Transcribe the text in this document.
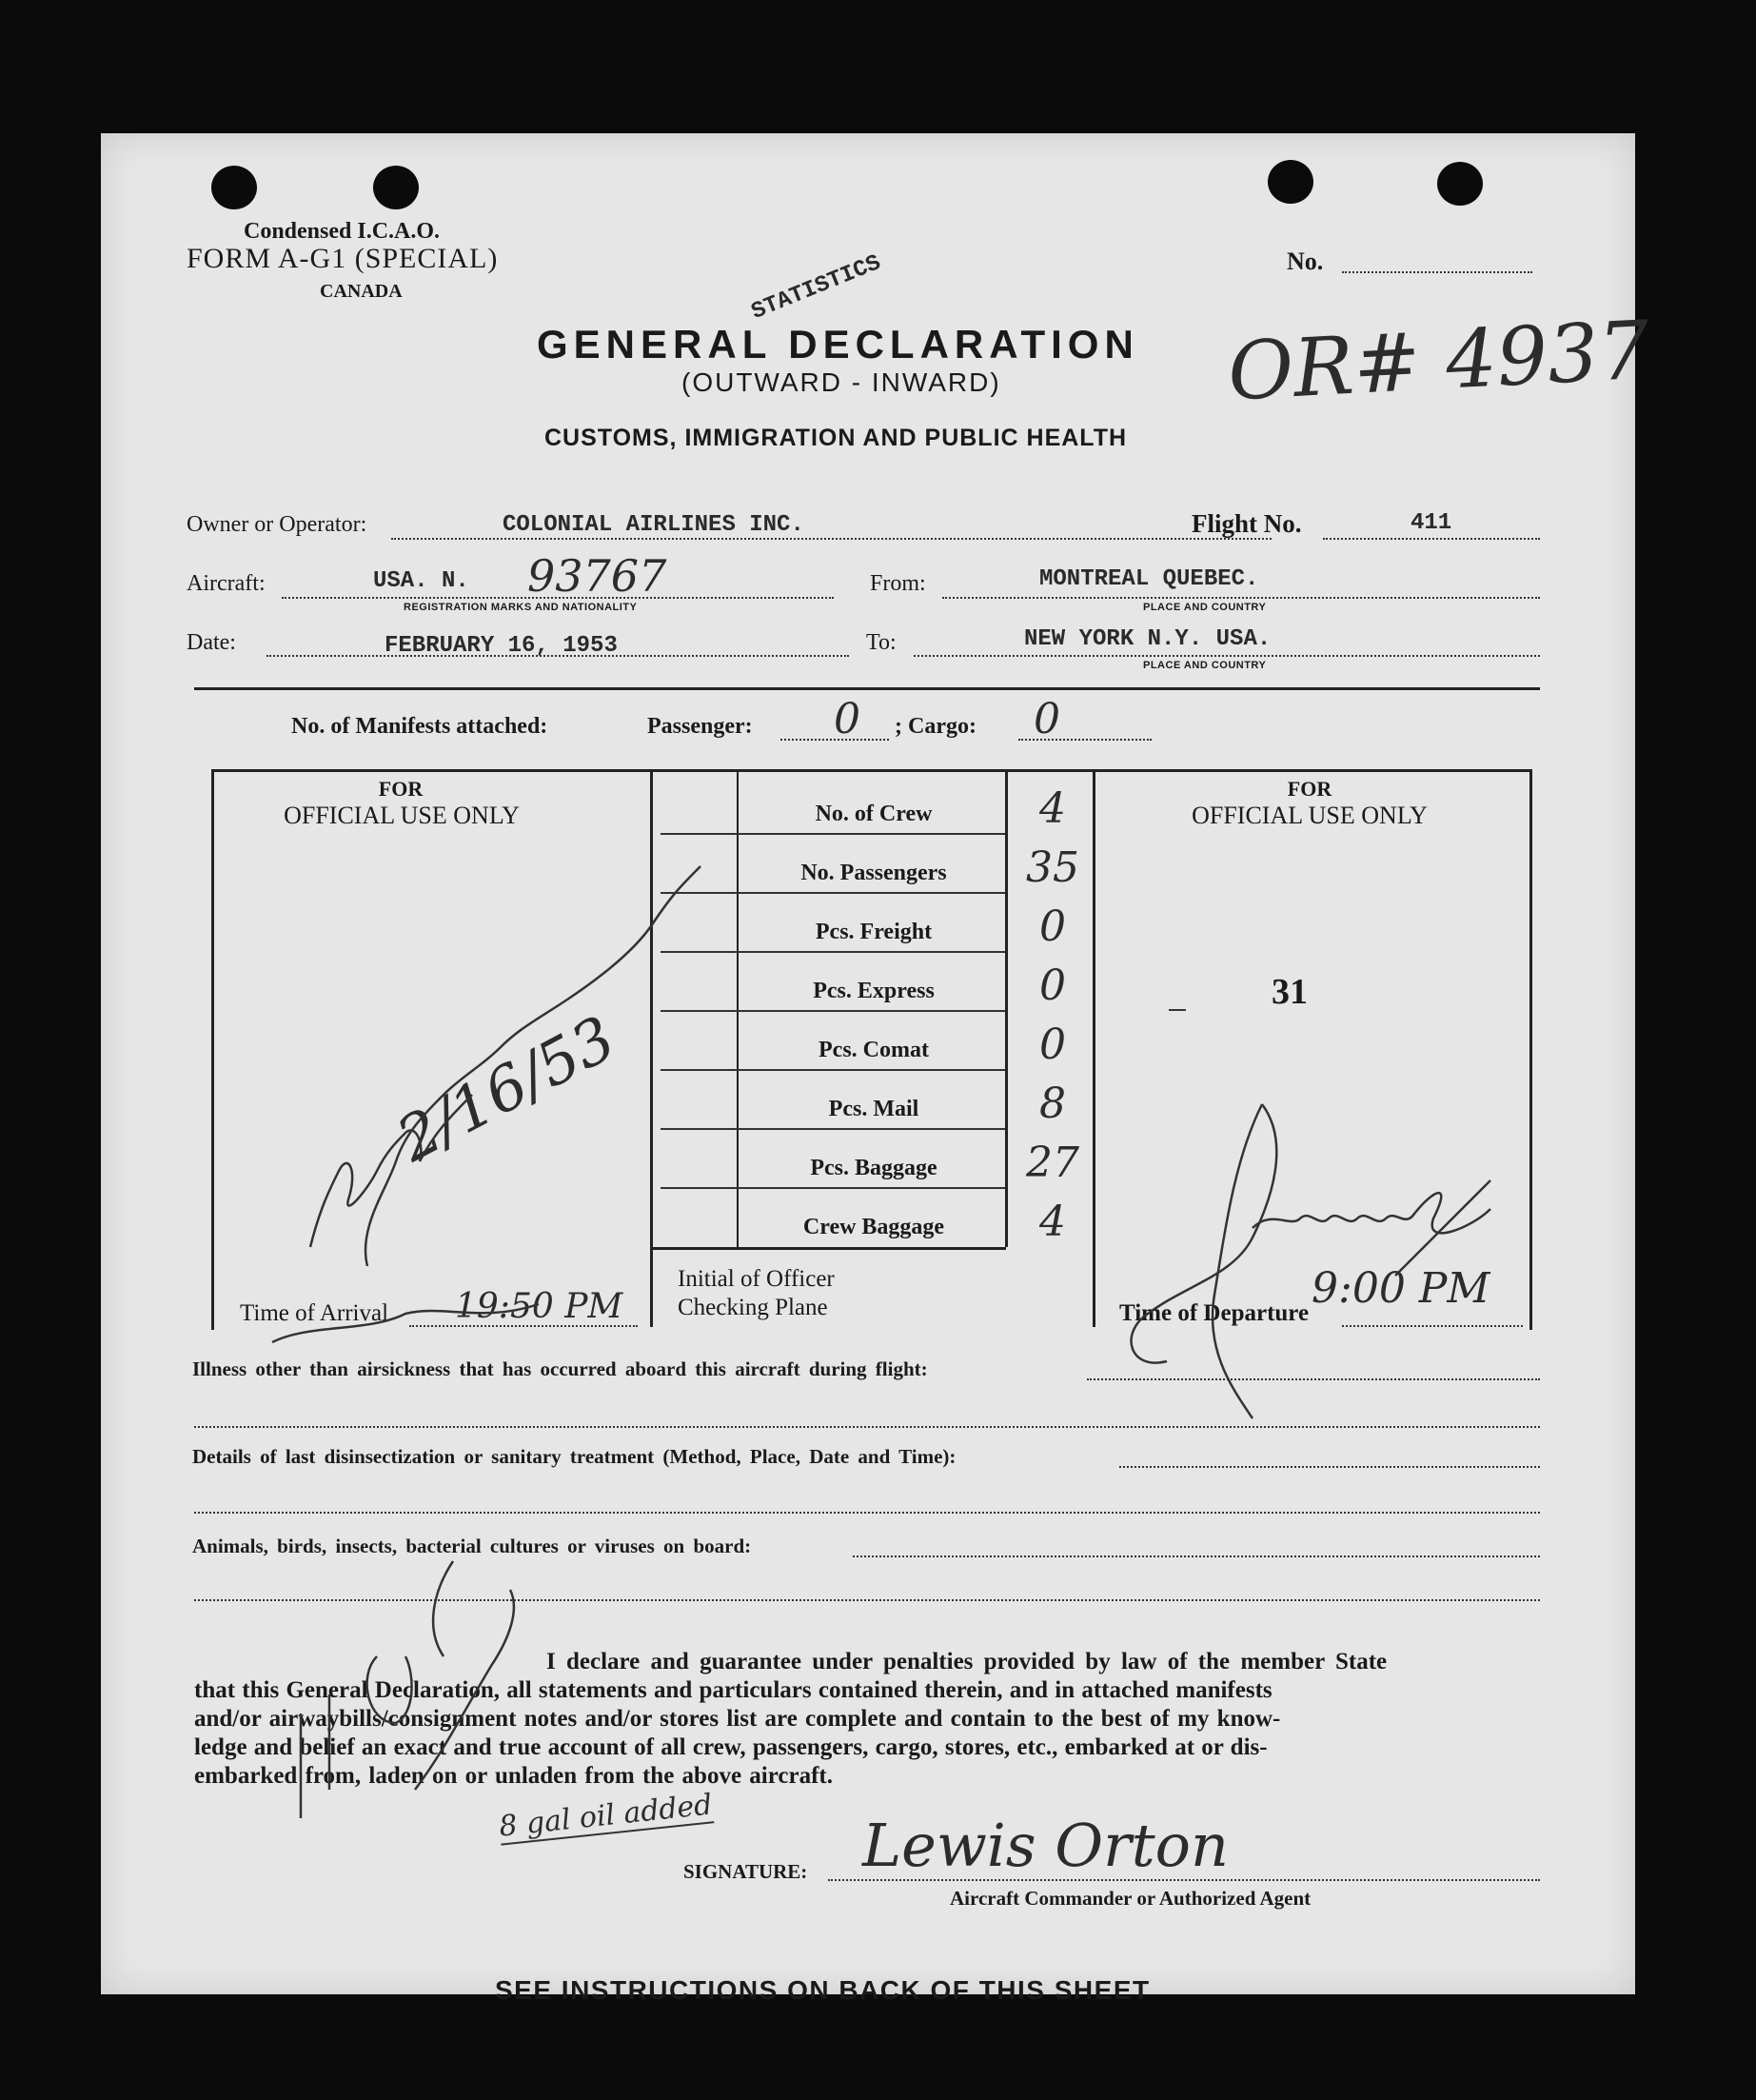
Condensed I.C.A.O.
FORM A-G1 (SPECIAL)
CANADA
No.
STATISTICS
GENERAL DECLARATION
(OUTWARD - INWARD)	OR# 4937
CUSTOMS, IMMIGRATION AND PUBLIC HEALTH
Owner or Operator:	COLONIAL AIRLINES INC.	Flight No.	411
Aircraft:	USA. N. 93767
REGISTRATION MARKS AND NATIONALITY
From:	MONTREAL QUEBEC.
PLACE AND COUNTRY
Date:	FEBRUARY 16, 1953	To:	NEW YORK N.Y. USA.
PLACE AND COUNTRY
No. of Manifests attached:	Passenger: 0 ; Cargo: 0
FOR
OFFICIAL USE ONLY
FOR
OFFICIAL USE ONLY
31
No. of Crew	4
No. Passengers	35
Pcs. Freight	0
Pcs. Express	0
Pcs. Comat	0
Pcs. Mail	8
Pcs. Baggage	27
Crew Baggage	4
Initial of Officer
Checking Plane
Time of Arrival 19:50 PM	Time of Departure
9:00 PM
2/16/53
Illness other than airsickness that has occurred aboard this aircraft during flight:
Details of last disinsectization or sanitary treatment (Method, Place, Date and Time):
Animals, birds, insects, bacterial cultures or viruses on board:
I declare and guarantee under penalties provided by law of the member State
that this General Declaration, all statements and particulars contained therein, and in attached manifests
and/or airwaybills/consignment notes and/or stores list are complete and contain to the best of my know-
ledge and belief an exact and true account of all crew, passengers, cargo, stores, etc., embarked at or dis-
embarked from, laden on or unladen from the above aircraft.
8 gal oil added
SIGNATURE: Lewis Orton
Aircraft Commander or Authorized Agent
SEE INSTRUCTIONS ON BACK OF THIS SHEET
